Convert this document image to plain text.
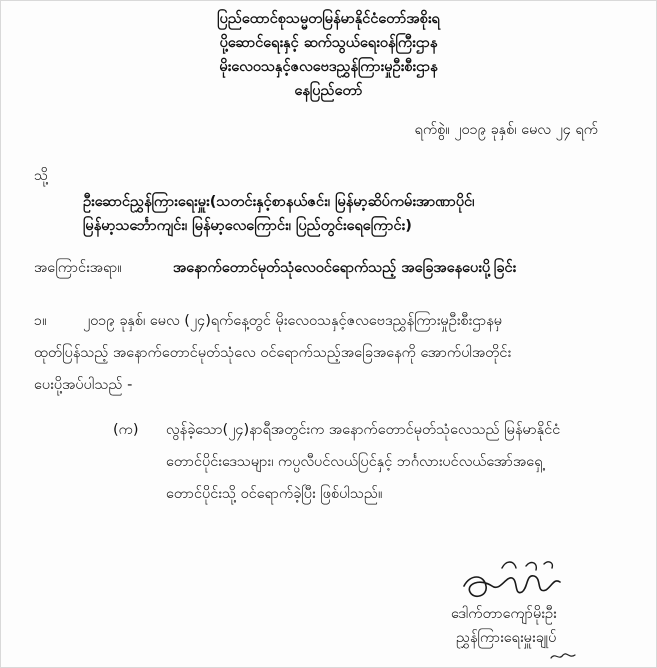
ပြည်ထောင်စုသမ္မတမြန်မာနိုင်ငံတော်အစိုးရ
ပို့ဆောင်ရေးနှင့် ဆက်သွယ်ရေးဝန်ကြီးဌာန
မိုးလေဝသနှင့်ဇလဗေဒညွှန်ကြားမှုဦးစီးဌာန
နေပြည်တော်
ရက်စွဲ။ ၂၀၁၉ ခုနှစ်၊ မေလ ၂၄ ရက်
သို့
ဦးဆောင်ညွှန်ကြားရေးမှူး(သတင်းနှင့်စာနယ်ဇင်း၊ မြန်မာ့ဆိပ်ကမ်းအာဏာပိုင်၊
မြန်မာ့သင်္ဘောကျင်း၊ မြန်မာ့လေကြောင်း၊ ပြည်တွင်းရေကြောင်း)
အကြောင်းအရာ။	အနောက်တောင်မုတ်သုံလေဝင်ရောက်သည့် အခြေအနေပေးပို့ခြင်း
၁။	၂၀၁၉ ခုနှစ်၊ မေလ (၂၄)ရက်နေ့တွင် မိုးလေဝသနှင့်ဇလဗေဒညွှန်ကြားမှုဦးစီးဌာနမှ
ထုတ်ပြန်သည့် အနောက်တောင်မုတ်သုံလေ ဝင်ရောက်သည့်အခြေအနေကို အောက်ပါအတိုင်း
ပေးပို့အပ်ပါသည် -
(က) လွန်ခဲ့သော(၂၄)နာရီအတွင်းက အနောက်တောင်မုတ်သုံလေသည် မြန်မာနိုင်ငံ
တောင်ပိုင်းဒေသများ၊ ကပ္ပလီပင်လယ်ပြင်နှင့် ဘင်္ဂလားပင်လယ်အော်အရှေ့
တောင်ပိုင်းသို့ ဝင်ရောက်ခဲ့ပြီး ဖြစ်ပါသည်။
ဒေါက်တာကျော်မိုးဦး
ညွှန်ကြားရေးမှူးချုပ်
